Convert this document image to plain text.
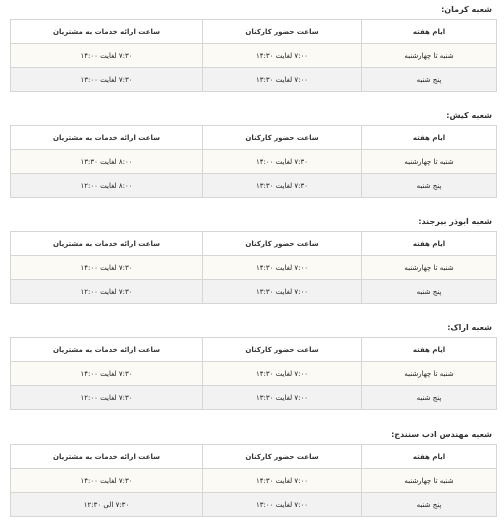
شعبه کرمان:
ایام هفته	ساعت حضور کارکنان	ساعت ارائه خدمات به مشتریان
شنبه تا چهارشنبه	۷:۰۰ لغایت ۱۴:۳۰	۷:۳۰ لغایت ۱۴:۰۰
پنج شنبه	۷:۰۰ لغایت ۱۳:۳۰	۷:۳۰ لغایت ۱۳:۰۰
شعبه کیش:
ایام هفته	ساعت حضور کارکنان	ساعت ارائه خدمات به مشتریان
شنبه تا چهارشنبه	۷:۳۰ لغایت ۱۴:۰۰	۸:۰۰ لغایت ۱۳:۳۰
پنج شنبه	۷:۳۰ لغایت ۱۳:۳۰	۸:۰۰ لغایت ۱۲:۰۰
شعبه ابوذر بیرجند:
ایام هفته	ساعت حضور کارکنان	ساعت ارائه خدمات به مشتریان
شنبه تا چهارشنبه	۷:۰۰ لغایت ۱۴:۳۰	۷:۳۰ لغایت ۱۴:۰۰
پنج شنبه	۷:۰۰ لغایت ۱۳:۳۰	۷:۳۰ لغایت ۱۲:۰۰
شعبه اراک:
ایام هفته	ساعت حضور کارکنان	ساعت ارائه خدمات به مشتریان
شنبه تا چهارشنبه	۷:۰۰ لغایت ۱۴:۳۰	۷:۳۰ لغایت ۱۴:۰۰
پنج شنبه	۷:۰۰ لغایت ۱۳:۳۰	۷:۳۰ لغایت ۱۲:۰۰
شعبه مهندس ادب سنندج:
ایام هفته	ساعت حضور کارکنان	ساعت ارائه خدمات به مشتریان
شنبه تا چهارشنبه	۷:۰۰ لغایت ۱۴:۳۰	۷:۳۰ لغایت ۱۴:۰۰
پنج شنبه	۷:۰۰ لغایت ۱۳:۰۰	۷:۳۰ الی ۱۲:۳۰
